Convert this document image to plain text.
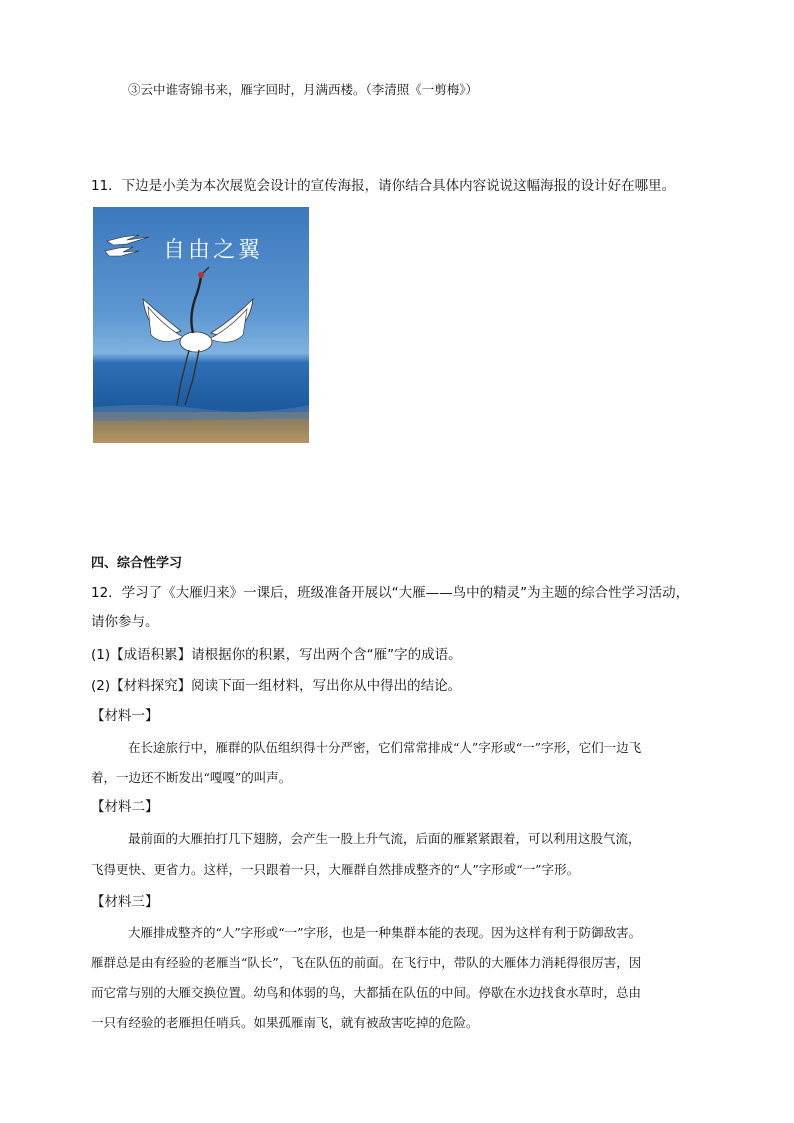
③云中谁寄锦书来，雁字回时，月满西楼。（李清照《一剪梅》）
11．下边是小美为本次展览会设计的宣传海报，请你结合具体内容说说这幅海报的设计好在哪里。
自由之翼
四、综合性学习
12．学习了《大雁归来》一课后，班级准备开展以“大雁——鸟中的精灵”为主题的综合性学习活动，
请你参与。
(1)【成语积累】请根据你的积累，写出两个含“雁”字的成语。
(2)【材料探究】阅读下面一组材料，写出你从中得出的结论。
【材料一】
在长途旅行中，雁群的队伍组织得十分严密，它们常常排成“人”字形或“一”字形，它们一边飞
着，一边还不断发出“嘎嘎”的叫声。
【材料二】
最前面的大雁拍打几下翅膀，会产生一股上升气流，后面的雁紧紧跟着，可以利用这股气流，
飞得更快、更省力。这样，一只跟着一只，大雁群自然排成整齐的“人”字形或“一”字形。
【材料三】
大雁排成整齐的“人”字形或“一”字形，也是一种集群本能的表现。因为这样有利于防御敌害。
雁群总是由有经验的老雁当“队长”，飞在队伍的前面。在飞行中，带队的大雁体力消耗得很厉害，因
而它常与别的大雁交换位置。幼鸟和体弱的鸟，大都插在队伍的中间。停歇在水边找食水草时，总由
一只有经验的老雁担任哨兵。如果孤雁南飞，就有被敌害吃掉的危险。
